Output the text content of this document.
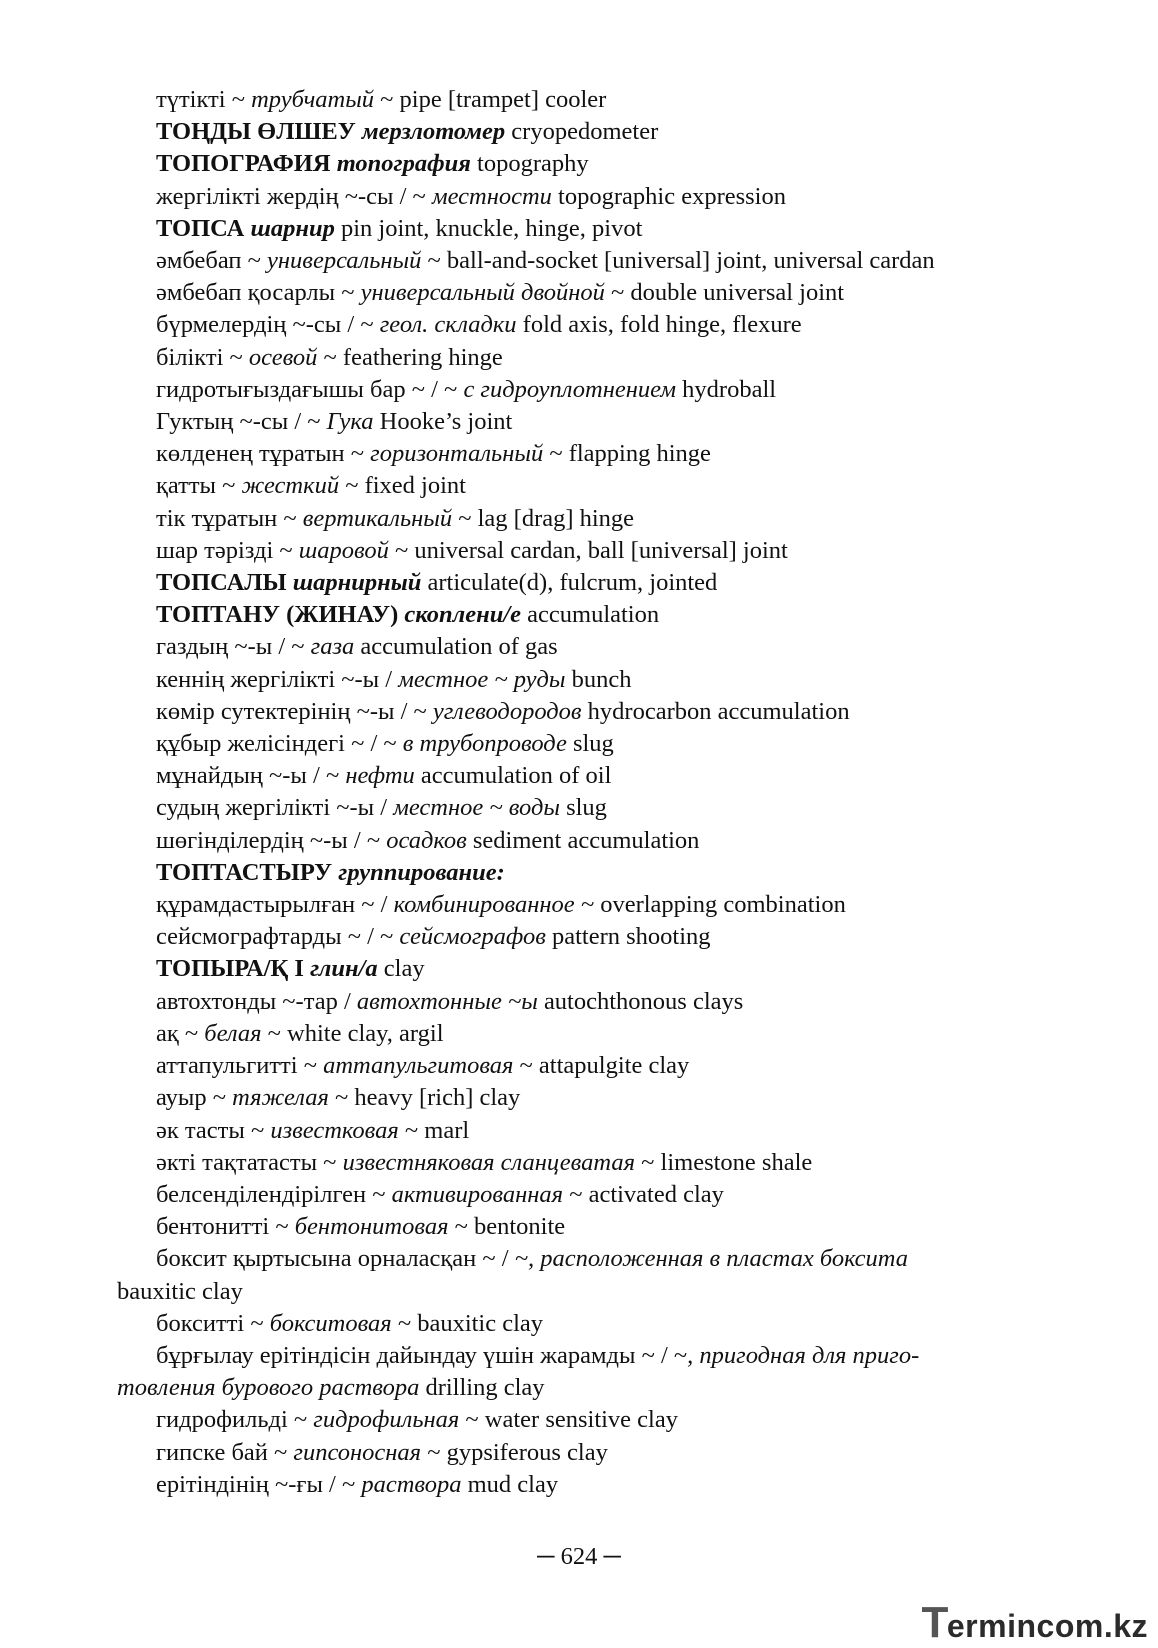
түтікті ~ трубчатый ~ pipe [trampet] cooler
ТОҢДЫ ӨЛШЕУ мерзлотомер cryopedometer
ТОПОГРАФИЯ топография topography
жергілікті жердің ~-сы / ~ местности topographic expression
ТОПСА шарнир pin joint, knuckle, hinge, pivot
әмбебап ~ универсальный ~ ball-and-socket [universal] joint, universal cardan
әмбебап қосарлы ~ универсальный двойной ~ double universal joint
бүрмелердің ~-сы / ~ геол. складки fold axis, fold hinge, flexure
білікті ~ осевой ~ feathering hinge
гидротығыздағышы бар ~ / ~ с гидроуплотнением hydroball
Гуктың ~-сы / ~ Гука Hooke’s joint
көлденең тұратын ~ горизонтальный ~ flapping hinge
қатты ~ жесткий ~ fixed joint
тік тұратын ~ вертикальный ~ lag [drag] hinge
шар тәрізді ~ шаровой ~ universal cardan, ball [universal] joint
ТОПСАЛЫ шарнирный articulate(d), fulcrum, jointed
ТОПТАНУ (ЖИНАУ) скоплени/е accumulation
газдың ~-ы / ~ газа accumulation of gas
кеннің жергілікті ~-ы / местное ~ руды bunch
көмір сутектерінің ~-ы / ~ углеводородов hydrocarbon accumulation
құбыр желісіндегі ~ / ~ в трубопроводе slug
мұнайдың ~-ы / ~ нефти accumulation of oil
судың жергілікті ~-ы / местное ~ воды slug
шөгінділердің ~-ы / ~ осадков sediment accumulation
ТОПТАСТЫРУ группирование:
құрамдастырылған ~ / комбинированное ~ overlapping combination
сейсмографтарды ~ / ~ сейсмографов pattern shooting
ТОПЫРА/Қ I глин/а clay
автохтонды ~-тар / автохтонные ~ы autochthonous clays
ақ ~ белая ~ white clay, argil
аттапульгитті ~ аттапульгитовая ~ attapulgite clay
ауыр ~ тяжелая ~ heavy [rich] clay
әк тасты ~ известковая ~ marl
әкті тақтатасты ~ известняковая сланцеватая ~ limestone shale
белсенділендірілген ~ активированная ~ activated clay
бентонитті ~ бентонитовая ~ bentonite
боксит қыртысына орналасқан ~ / ~, расположенная в пластах боксита
bauxitic clay
бокситті ~ бокситовая ~ bauxitic clay
бұрғылау ерітіндісін дайындау үшін жарамды ~ / ~, пригодная для приго-
товления бурового раствора drilling clay
гидрофильді ~ гидрофильная ~ water sensitive clay
гипске бай ~ гипсоносная ~ gypsiferous clay
ерітіндінің ~-ғы / ~ раствора mud clay
─ 624 ─
T
ermincom.kz
